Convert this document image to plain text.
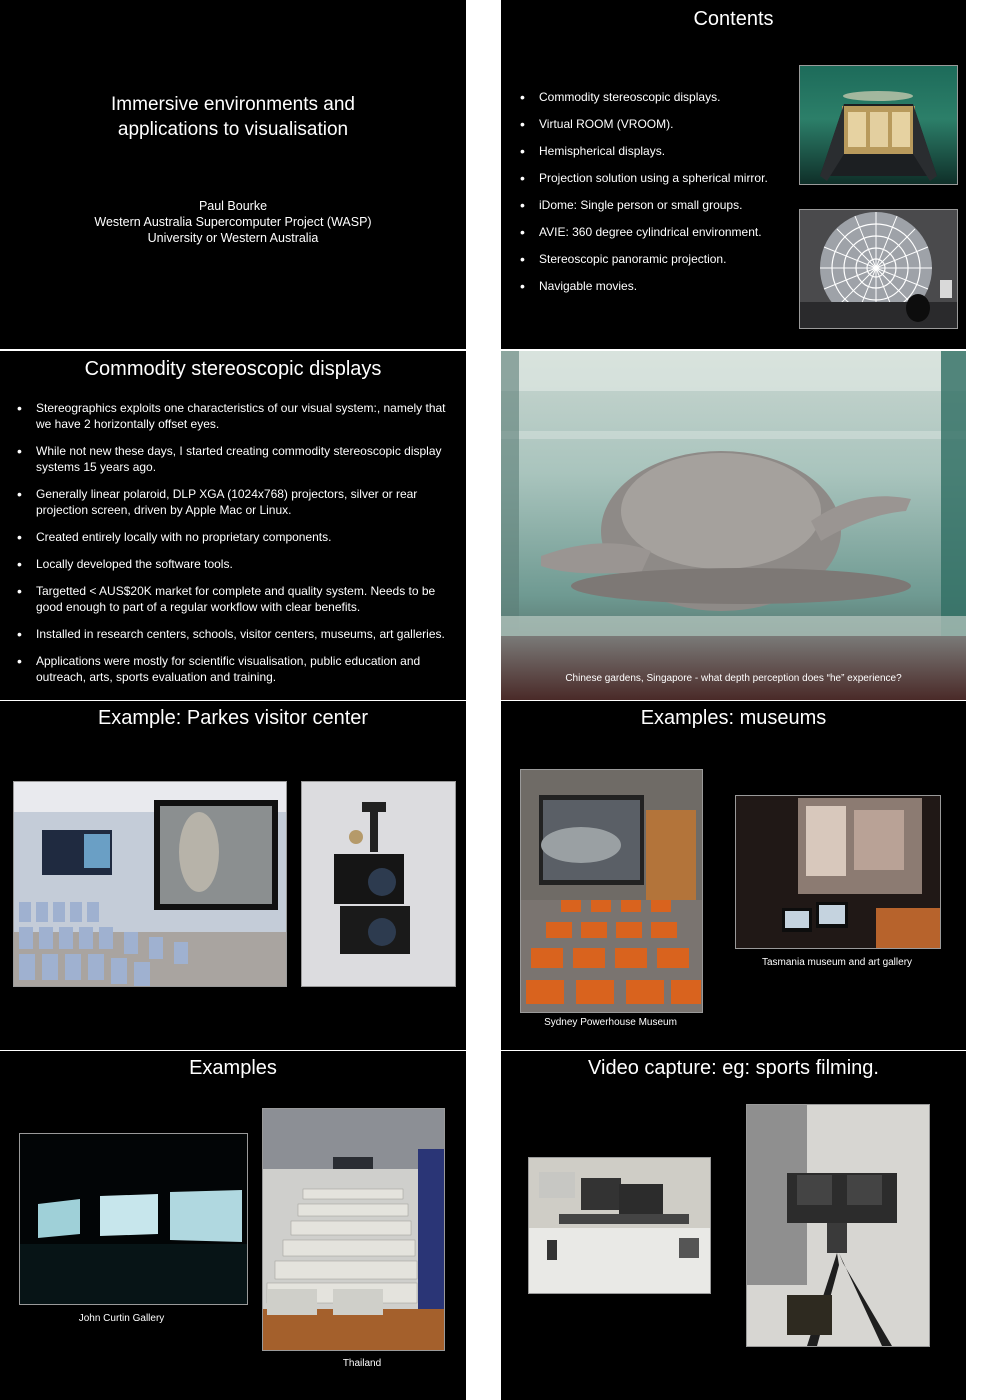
Immersive environments and
applications to visualisation
Paul Bourke
Western Australia Supercomputer Project (WASP)
University or Western Australia
Contents
• Commodity stereoscopic displays.
• Virtual ROOM (VROOM).
• Hemispherical displays.
• Projection solution using a spherical mirror.
• iDome: Single person or small groups.
• AVIE: 360 degree cylindrical environment.
• Stereoscopic panoramic projection.
• Navigable movies.
Commodity stereoscopic displays
• Stereographics exploits one characteristics of our visual system:, namely that we have 2 horizontally offset eyes.
• While not new these days, I started creating commodity stereoscopic display systems 15 years ago.
• Generally linear polaroid, DLP XGA (1024x768) projectors, silver or rear projection screen, driven by Apple Mac or Linux.
• Created entirely locally with no proprietary components.
• Locally developed the software tools.
• Targetted < AUS$20K market for complete and quality system. Needs to be good enough to part of a regular workflow with clear benefits.
• Installed in research centers, schools, visitor centers, museums, art galleries.
• Applications were mostly for scientific visualisation, public education and outreach, arts, sports evaluation and training.	Chinese gardens, Singapore - what depth perception does “he” experience?
Example: Parkes visitor center	Examples: museums
Sydney Powerhouse Museum
Tasmania museum and art gallery
Examples
John Curtin Gallery
Thailand
Video capture: eg: sports filming.
